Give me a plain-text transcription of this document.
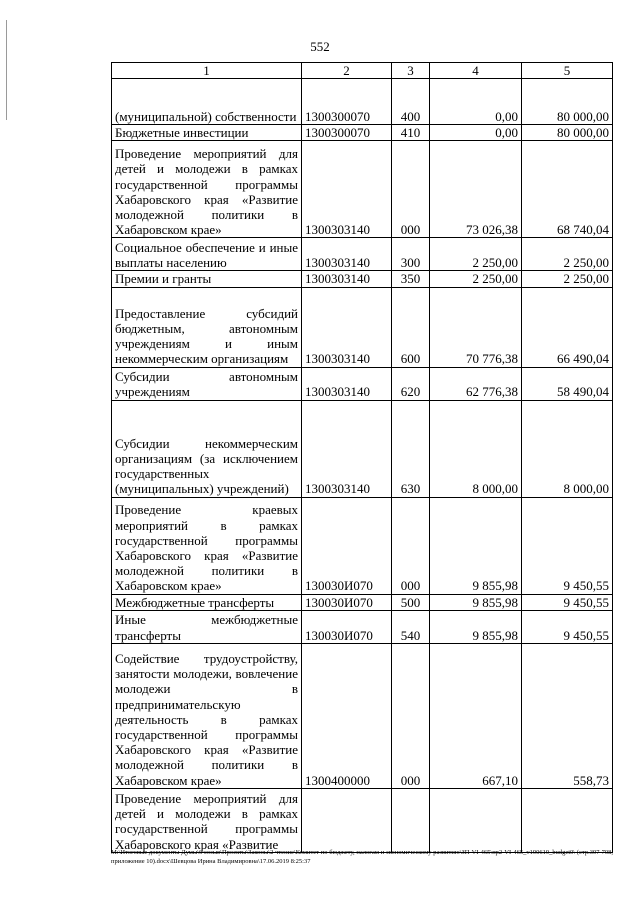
552
1	2	3	4	5
(муниципальной) собственности	1300300070	400	0,00	80 000,00
Бюджетные инвестиции	1300300070	410	0,00	80 000,00
Проведение мероприятий для детей и молодежи в рамках государственной программы Хабаровского края «Развитие молодежной политики в Хабаровском крае»	1300303140	000	73 026,38	68 740,04
Социальное обеспечение и иные выплаты населению	1300303140	300	2 250,00	2 250,00
Премии и гранты	1300303140	350	2 250,00	2 250,00
Предоставление субсидий бюджетным, автономным учреждениям и иным некоммерческим организациям	1300303140	600	70 776,38	66 490,04
Субсидии автономным учреждениям	1300303140	620	62 776,38	58 490,04
Субсидии некоммерческим организациям (за исключением государственных (муниципальных) учреждений)	1300303140	630	8 000,00	8 000,00
Проведение краевых мероприятий в рамках государственной программы Хабаровского края «Развитие молодежной политики в Хабаровском крае»	130030И070	000	9 855,98	9 450,55
Межбюджетные трансферты	130030И070	500	9 855,98	9 450,55
Иные межбюджетные трансферты	130030И070	540	9 855,98	9 450,55
Содействие трудоустройству, занятости молодежи, вовлечение молодежи в предпринимательскую деятельность в рамках государственной программы Хабаровского края «Развитие молодежной политики в Хабаровском крае»	1300400000	000	667,10	558,73
Проведение мероприятий для детей и молодежи в рамках государственной программы Хабаровского края «Развитие				
M:\Итоговые документы Думы\6 созыв\Проекты\Законы\2 чтение\Комитет по бюджету, налогам и экономическому развитию\ЗП-VI-465\пр2-VI-465_v190619_budget0\ (стр.397-708, приложение 10).docx\Шевцова Ирина Владимировна\17.06.2019 8:25:37
